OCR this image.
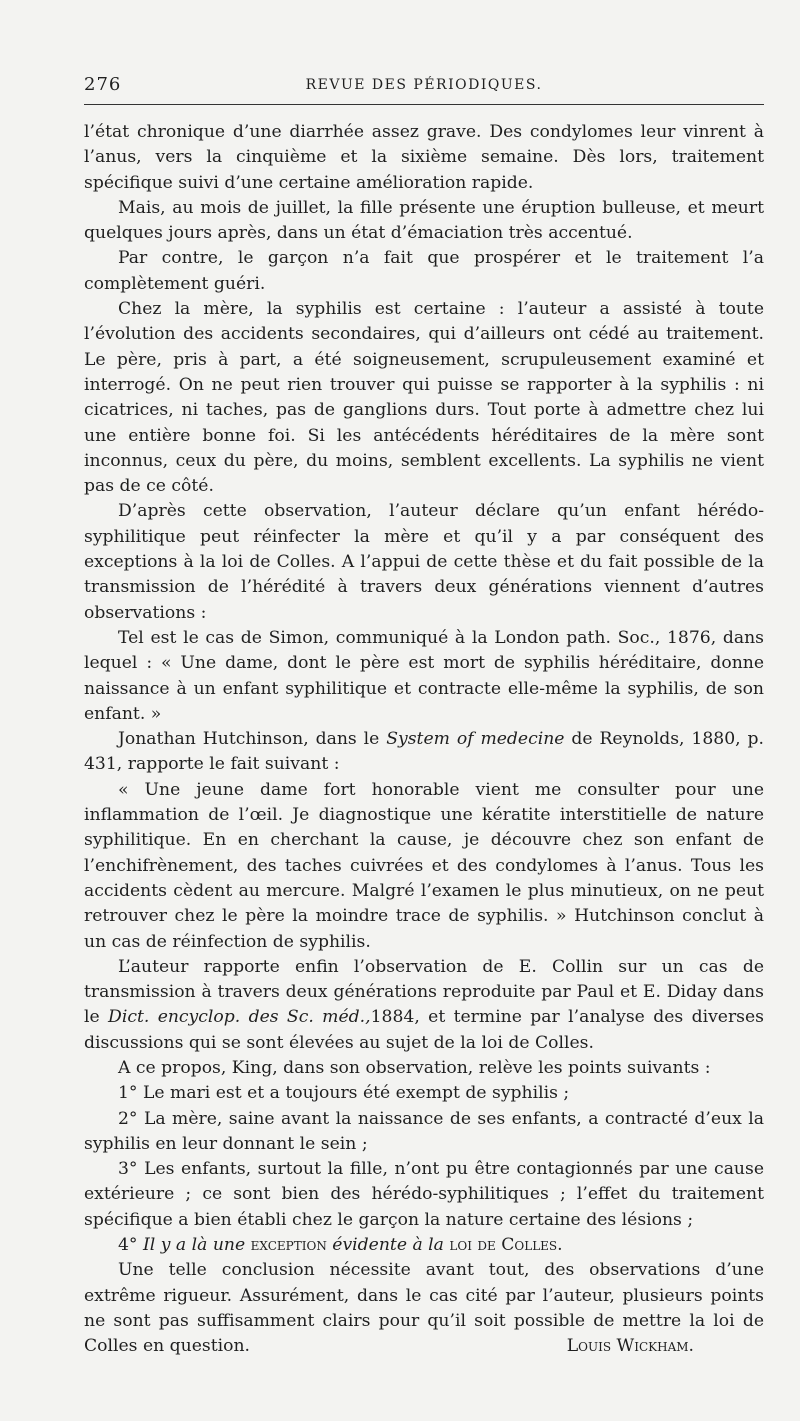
276	REVUE DES PÉRIODIQUES.

l’état chronique d’une diarrhée assez grave. Des condylomes leur vinrent à l’anus, vers la cinquième et la sixième semaine. Dès lors, traitement spécifique suivi d’une certaine amélioration rapide.

Mais, au mois de juillet, la fille présente une éruption bulleuse, et meurt quelques jours après, dans un état d’émaciation très accentué.

Par contre, le garçon n’a fait que prospérer et le traitement l’a complètement guéri.

Chez la mère, la syphilis est certaine : l’auteur a assisté à toute l’évolution des accidents secondaires, qui d’ailleurs ont cédé au traitement. Le père, pris à part, a été soigneusement, scrupuleusement examiné et interrogé. On ne peut rien trouver qui puisse se rapporter à la syphilis : ni cicatrices, ni taches, pas de ganglions durs. Tout porte à admettre chez lui une entière bonne foi. Si les antécédents héréditaires de la mère sont inconnus, ceux du père, du moins, semblent excellents. La syphilis ne vient pas de ce côté.

D’après cette observation, l’auteur déclare qu’un enfant hérédo-syphilitique peut réinfecter la mère et qu’il y a par conséquent des exceptions à la loi de Colles. A l’appui de cette thèse et du fait possible de la transmission de l’hérédité à travers deux générations viennent d’autres observations :

Tel est le cas de Simon, communiqué à la London path. Soc., 1876, dans lequel : « Une dame, dont le père est mort de syphilis héréditaire, donne naissance à un enfant syphilitique et contracte elle-même la syphilis, de son enfant. »

Jonathan Hutchinson, dans le System of medecine de Reynolds, 1880, p. 431, rapporte le fait suivant :

« Une jeune dame fort honorable vient me consulter pour une inflammation de l’œil. Je diagnostique une kératite interstitielle de nature syphilitique. En en cherchant la cause, je découvre chez son enfant de l’enchifrènement, des taches cuivrées et des condylomes à l’anus. Tous les accidents cèdent au mercure. Malgré l’examen le plus minutieux, on ne peut retrouver chez le père la moindre trace de syphilis. » Hutchinson conclut à un cas de réinfection de syphilis.

L’auteur rapporte enfin l’observation de E. Collin sur un cas de transmission à travers deux générations reproduite par Paul et E. Diday dans le Dict. encyclop. des Sc. méd.,1884, et termine par l’analyse des diverses discussions qui se sont élevées au sujet de la loi de Colles.

A ce propos, King, dans son observation, relève les points suivants :

1° Le mari est et a toujours été exempt de syphilis ;

2° La mère, saine avant la naissance de ses enfants, a contracté d’eux la syphilis en leur donnant le sein ;

3° Les enfants, surtout la fille, n’ont pu être contagionnés par une cause extérieure ; ce sont bien des hérédo-syphilitiques ; l’effet du traitement spécifique a bien établi chez le garçon la nature certaine des lésions ;

4° Il y a là une exception évidente à la loi de Colles.

Une telle conclusion nécessite avant tout, des observations d’une extrême rigueur. Assurément, dans le cas cité par l’auteur, plusieurs points ne sont pas suffisamment clairs pour qu’il soit possible de mettre la loi de Colles en question.	Louis Wickham.
